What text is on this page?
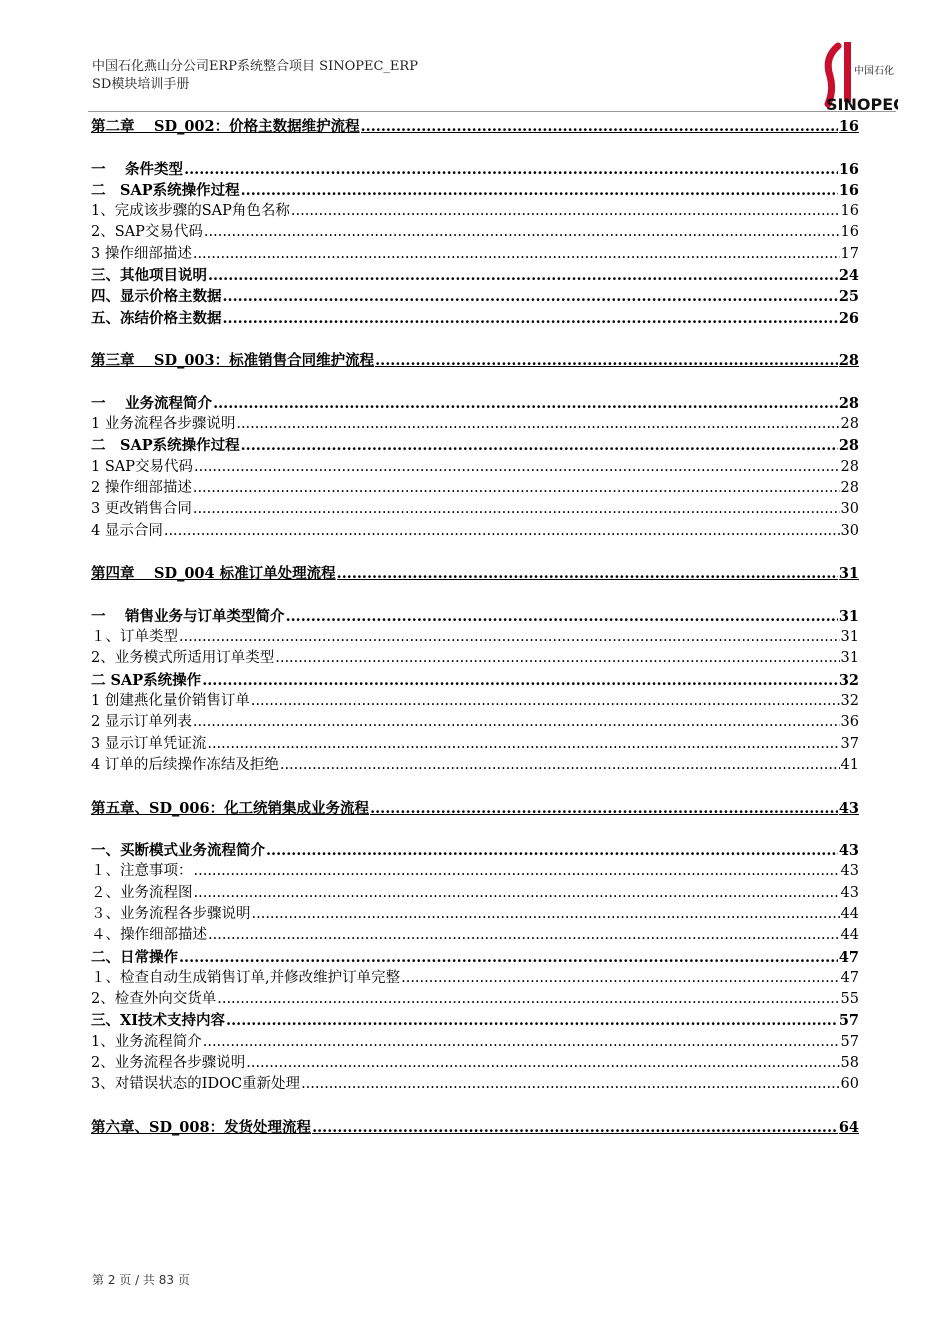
中国石化燕山分公司ERP系统整合项目 SINOPEC_ERP
SD模块培训手册
中国石化
SINOPEC
第二章　 SD_002：价格主数据维护流程 .....	16
一　 条件类型 .....	16
二　SAP系统操作过程 .....	16
1、完成该步骤的SAP角色名称 .....	16
2、SAP交易代码 .....	16
3 操作细部描述 .....	17
三、其他项目说明 .....	24
四、显示价格主数据 .....	25
五、冻结价格主数据 .....	26
第三章　 SD_003：标准销售合同维护流程 .....	28
一　 业务流程简介 .....	28
1 业务流程各步骤说明 .....	28
二　SAP系统操作过程 .....	28
1 SAP交易代码 .....	28
2 操作细部描述 .....	28
3 更改销售合同 .....	30
4 显示合同 .....	30
第四章　 SD_004 标准订单处理流程 .....	31
一　 销售业务与订单类型简介 .....	31
１、订单类型 .....	31
2、业务模式所适用订单类型 .....	31
二 SAP系统操作 .....	32
1 创建燕化量价销售订单 .....	32
2 显示订单列表 .....	36
3 显示订单凭证流 .....	37
4 订单的后续操作冻结及拒绝 .....	41
第五章、SD_006：化工统销集成业务流程 .....	43
一、买断模式业务流程简介 .....	43
１、注意事项： .....	43
２、业务流程图 .....	43
３、业务流程各步骤说明 .....	44
４、操作细部描述 .....	44
二、日常操作 .....	47
１、检查自动生成销售订单,并修改维护订单完整 .....	47
2、检查外向交货单 .....	55
三、XI技术支持内容 .....	57
1、业务流程简介 .....	57
2、业务流程各步骤说明 .....	58
3、对错误状态的IDOC重新处理 .....	60
第六章、SD_008：发货处理流程 .....	64
第 2 页 / 共 83 页
